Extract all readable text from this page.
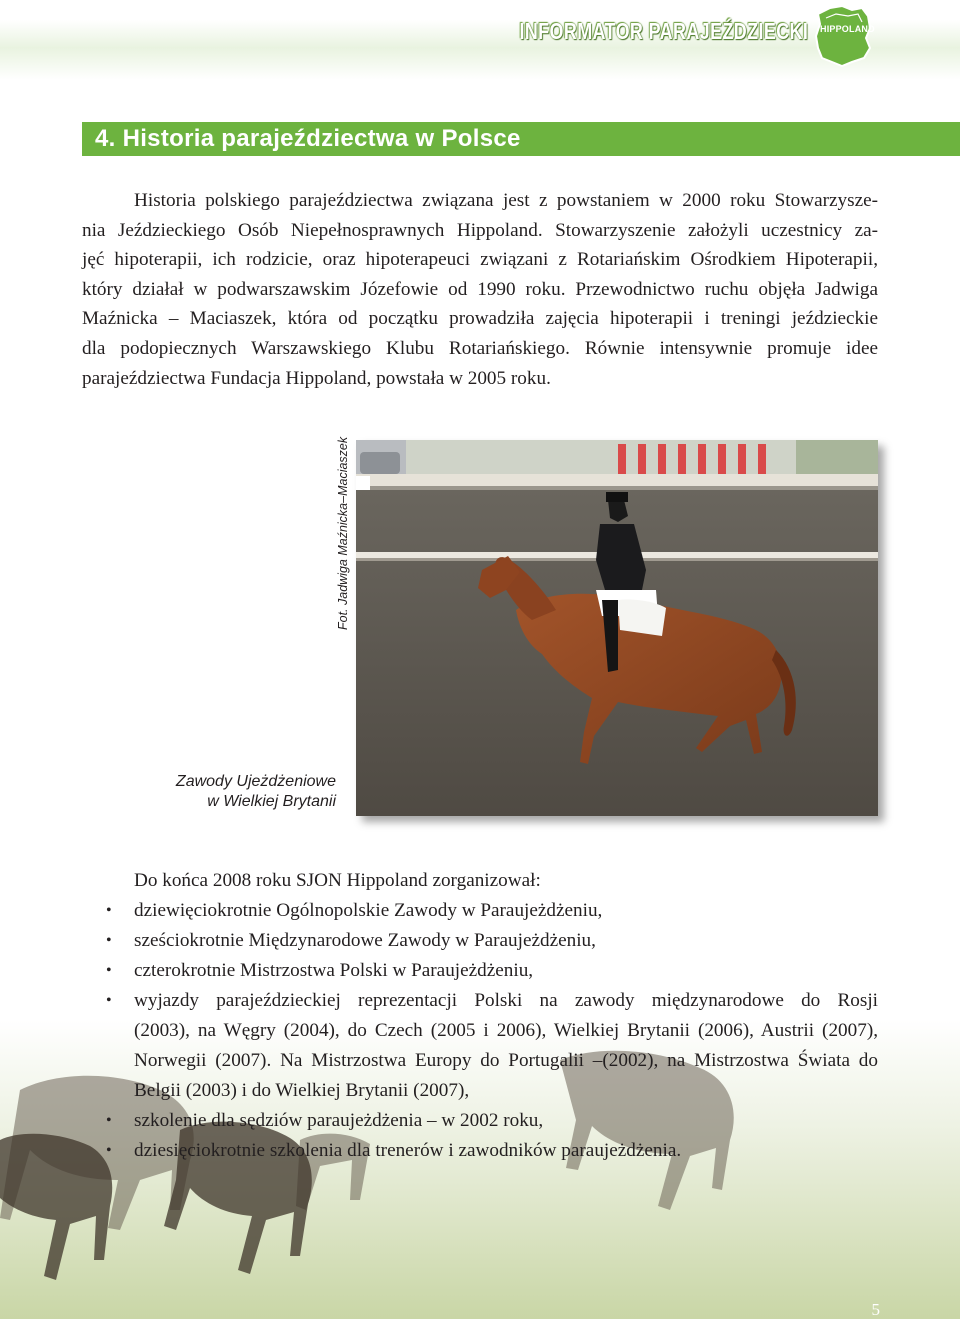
INFORMATOR PARAJEŹDZIECKI HIPPOLAND
4. Historia parajeździectwa w Polsce
Historia polskiego parajeździectwa związana jest z powstaniem w 2000 roku Stowarzysze-
nia Jeździeckiego Osób Niepełnosprawnych Hippoland. Stowarzyszenie założyli uczestnicy za-
jęć hipoterapii, ich rodzicie, oraz hipoterapeuci związani z Rotariańskim Ośrodkiem Hipoterapii,
który działał w podwarszawskim Józefowie od 1990 roku. Przewodnictwo ruchu objęła Jadwiga
Maźnicka – Maciaszek, która od początku prowadziła zajęcia hipoterapii i treningi jeździeckie
dla podopiecznych Warszawskiego Klubu Rotariańskiego. Równie intensywnie promuje idee
parajeździectwa Fundacja Hippoland, powstała w 2005 roku.
Fot. Jadwiga Maźnicka–Maciaszek
Zawody Ujeżdżeniowe
w Wielkiej Brytanii
Do końca 2008 roku SJON Hippoland zorganizował:
• dziewięciokrotnie Ogólnopolskie Zawody w Paraujeżdżeniu,
• sześciokrotnie Międzynarodowe Zawody w Paraujeżdżeniu,
• czterokrotnie Mistrzostwa Polski w Paraujeżdżeniu,
• wyjazdy parajeździeckiej reprezentacji Polski na zawody międzynarodowe do Rosji
(2003), na Węgry (2004), do Czech (2005 i 2006), Wielkiej Brytanii (2006), Austrii (2007),
Norwegii (2007). Na Mistrzostwa Europy do Portugalii –(2002), na Mistrzostwa Świata do
Belgii (2003) i do Wielkiej Brytanii (2007),
• szkolenie dla sędziów paraujeżdżenia – w 2002 roku,
• dziesięciokrotnie szkolenia dla trenerów i zawodników paraujeżdżenia.
5
